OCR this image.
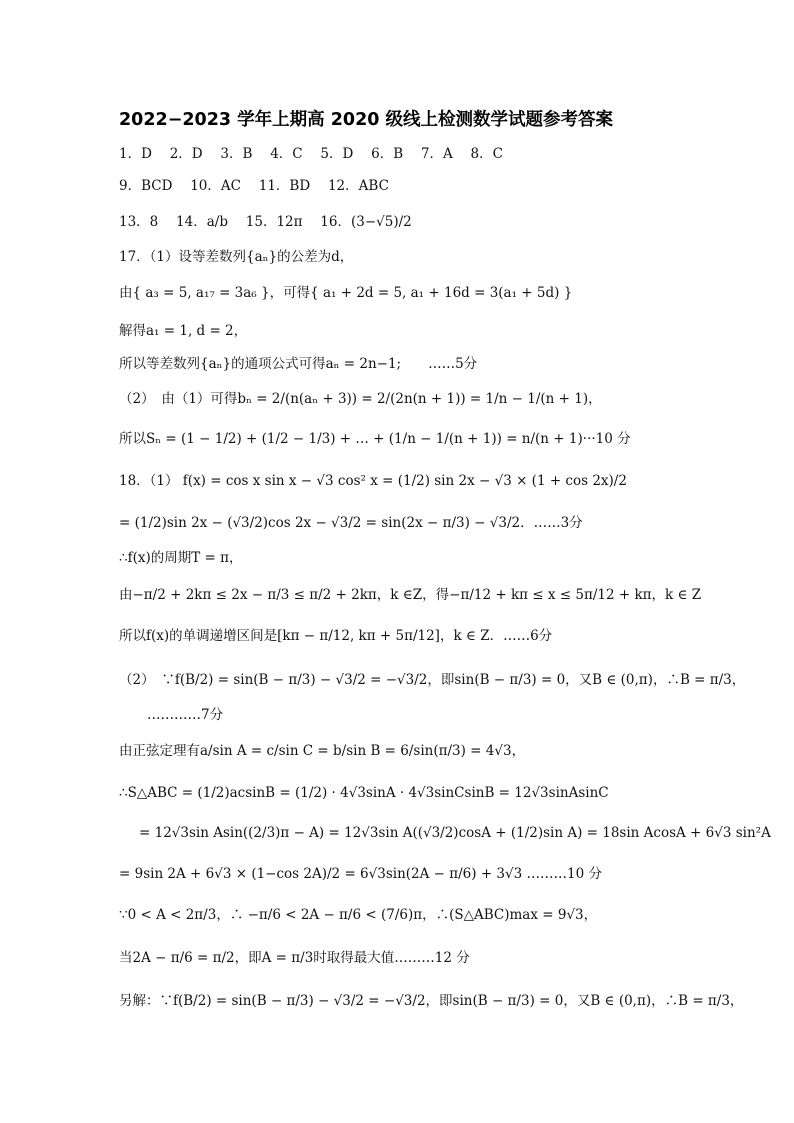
2022−2023 学年上期高 2020 级线上检测数学试题参考答案
1．D　 2．D　 3．B　 4．C　 5．D　 6．B　 7．A　 8．C
9．BCD　 10．AC　 11．BD　 12．ABC
13．8　 14．a/b　 15．12π　 16．(3−√5)/2
17．（1）设等差数列{aₙ}的公差为d，
由{ a₃ = 5, a₁₇ = 3a₆ }，可得{ a₁ + 2d = 5, a₁ + 16d = 3(a₁ + 5d) }
解得a₁ = 1, d = 2，
所以等差数列{aₙ}的通项公式可得aₙ = 2n−1;　　……5分
（2）　由（1）可得bₙ = 2/(n(aₙ + 3)) = 2/(2n(n + 1)) = 1/n − 1/(n + 1)，
所以Sₙ = (1 − 1/2) + (1/2 − 1/3) + … + (1/n − 1/(n + 1)) = n/(n + 1)···10 分
18．（1） f(x) = cos x sin x − √3 cos² x = (1/2) sin 2x − √3 × (1 + cos 2x)/2
= (1/2)sin 2x − (√3/2)cos 2x − √3/2 = sin(2x − π/3) − √3/2．……3分
∴f(x)的周期T = π，
由−π/2 + 2kπ ≤ 2x − π/3 ≤ π/2 + 2kπ，k ∈Z，得−π/12 + kπ ≤ x ≤ 5π/12 + kπ，k ∈ Z
所以f(x)的单调递增区间是[kπ − π/12, kπ + 5π/12]，k ∈ Z．……6分
（2）　∵f(B/2) = sin(B − π/3) − √3/2 = −√3/2，即sin(B − π/3) = 0，又B ∈ (0,π)，∴B = π/3，
…………7分
由正弦定理有a/sin A = c/sin C = b/sin B = 6/sin(π/3) = 4√3，
∴S△ABC = (1/2)acsinB = (1/2) · 4√3sinA · 4√3sinCsinB = 12√3sinAsinC
= 12√3sin Asin((2/3)π − A) = 12√3sin A((√3/2)cosA + (1/2)sin A) = 18sin AcosA + 6√3 sin²A
= 9sin 2A + 6√3 × (1−cos 2A)/2 = 6√3sin(2A − π/6) + 3√3 ………10 分
∵0 < A < 2π/3，∴ −π/6 < 2A − π/6 < (7/6)π，∴(S△ABC)max = 9√3，
当2A − π/6 = π/2，即A = π/3时取得最大值………12 分
另解：∵f(B/2) = sin(B − π/3) − √3/2 = −√3/2，即sin(B − π/3) = 0，又B ∈ (0,π)，∴B = π/3，
